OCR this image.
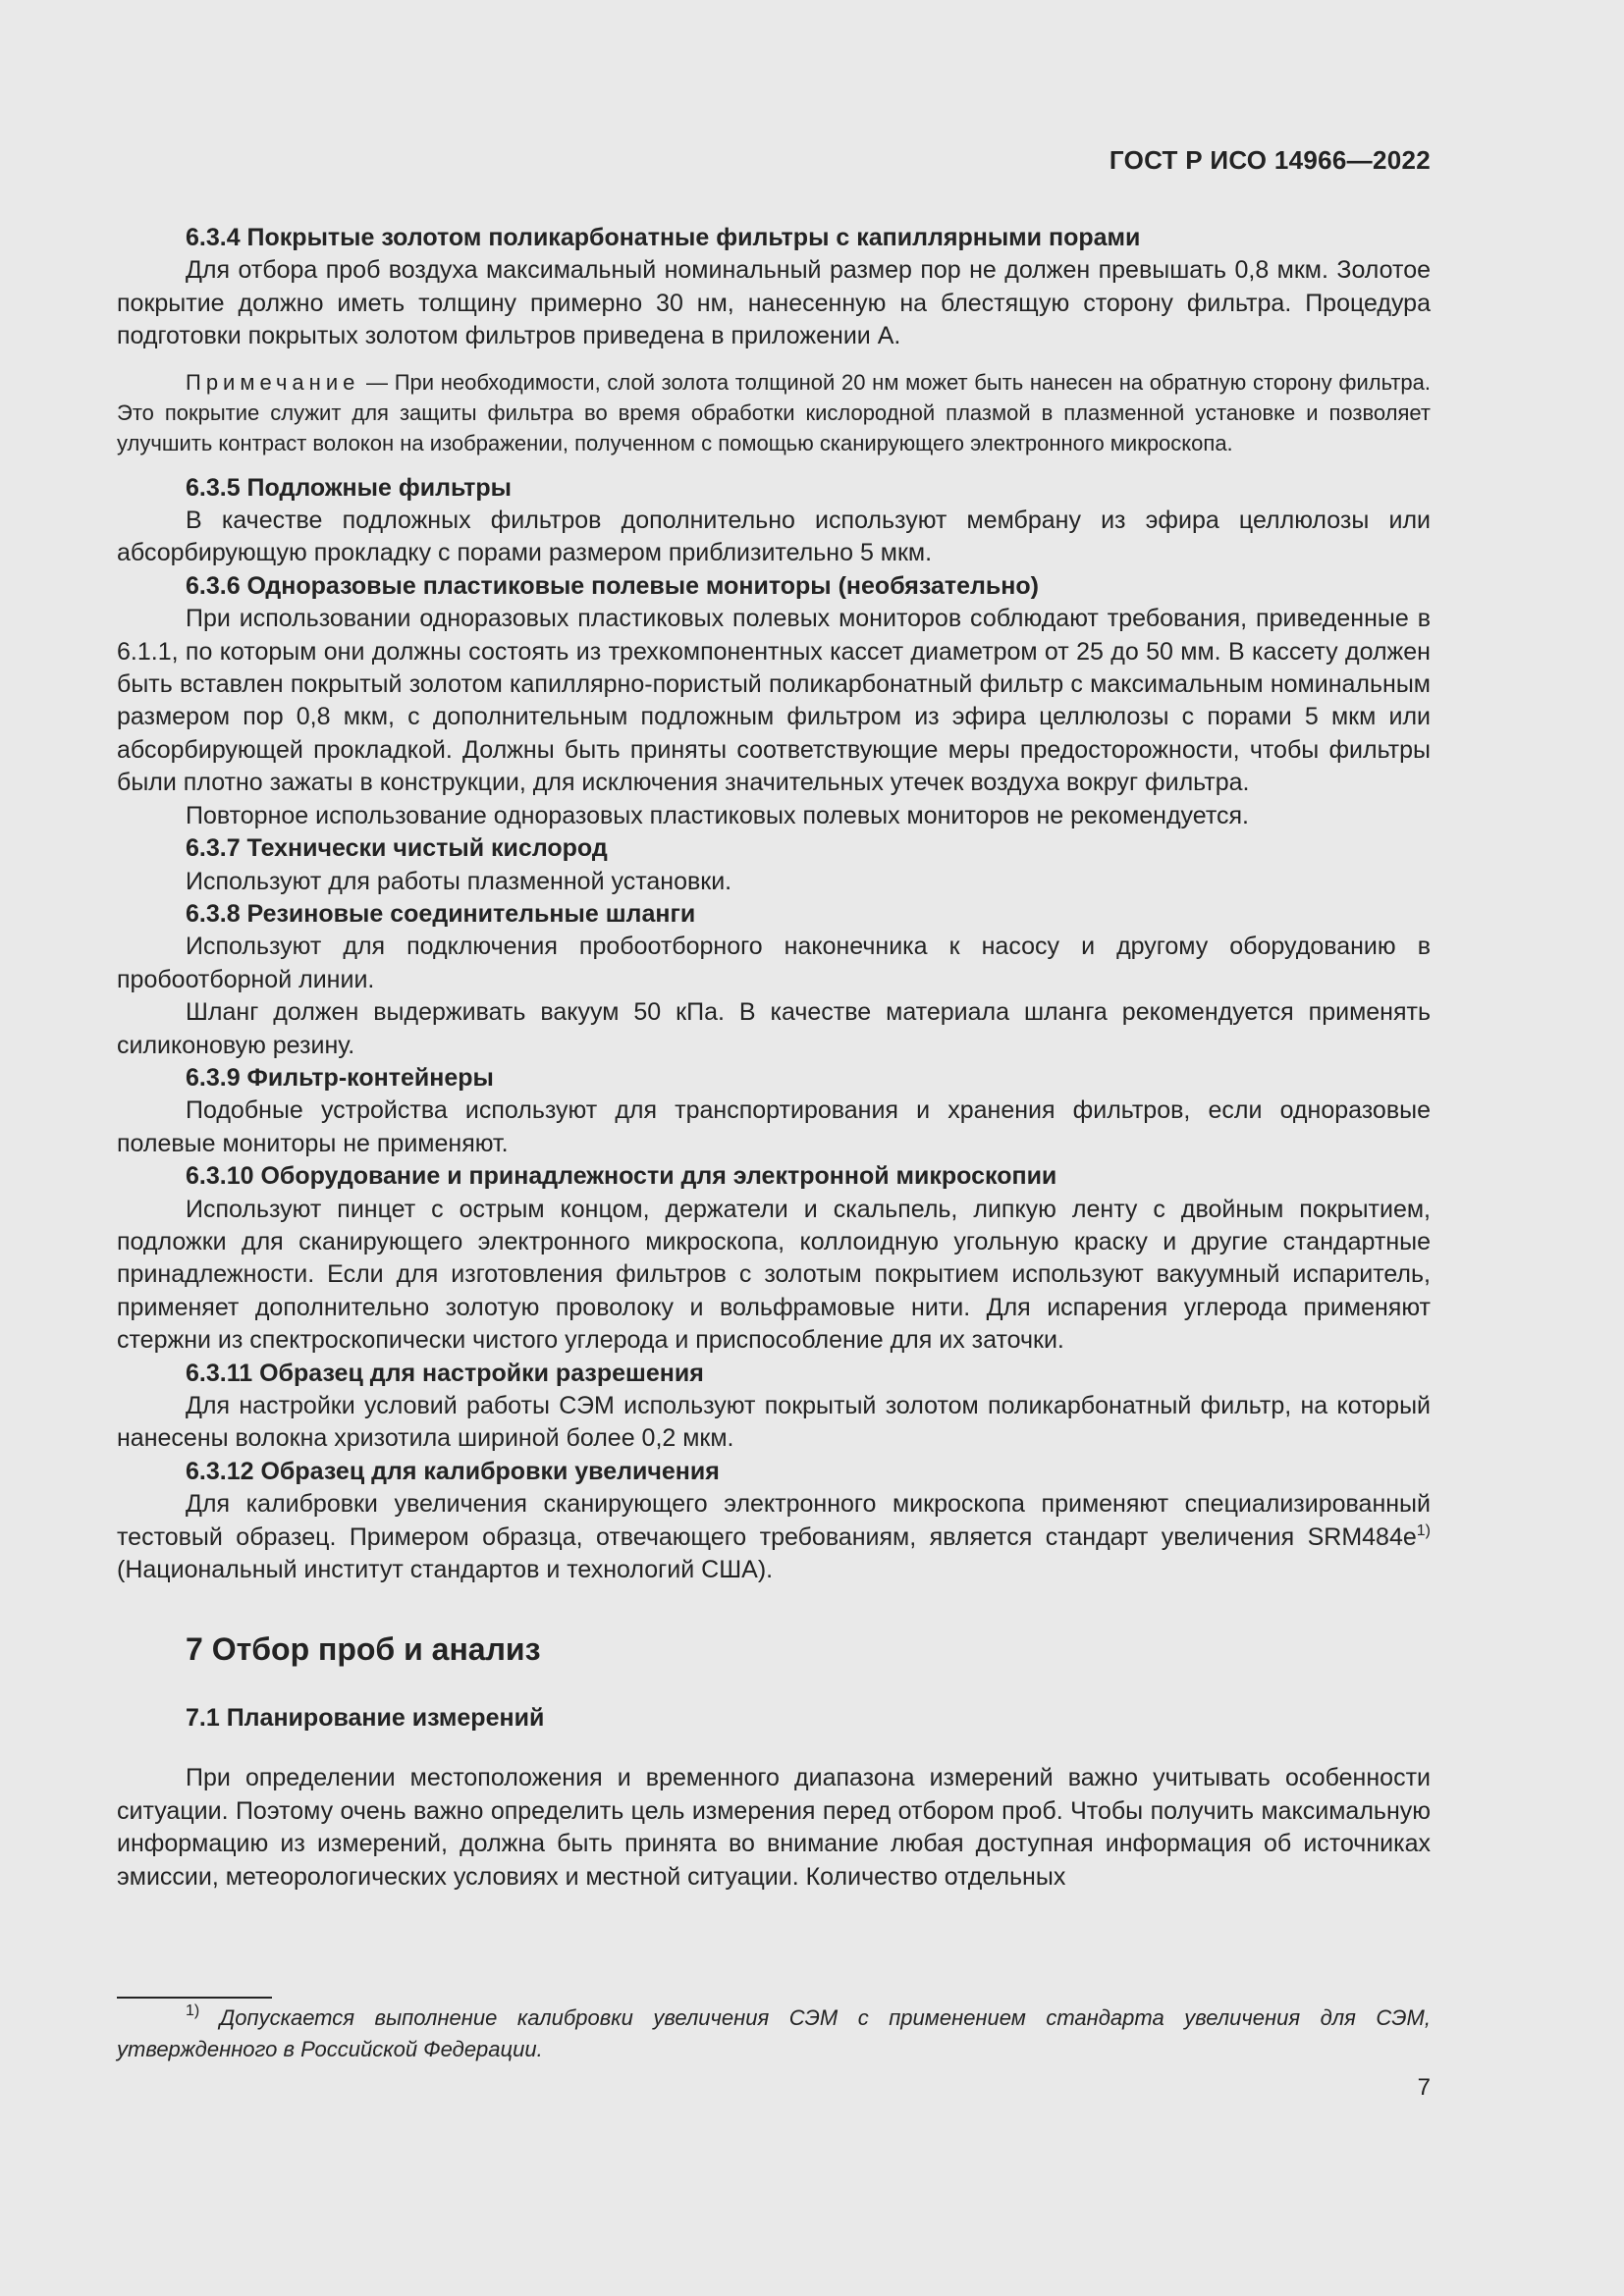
ГОСТ Р ИСО 14966—2022
6.3.4 Покрытые золотом поликарбонатные фильтры с капиллярными порами

Для отбора проб воздуха максимальный номинальный размер пор не должен превышать 0,8 мкм. Золотое покрытие должно иметь толщину примерно 30 нм, нанесенную на блестящую сторону фильтра. Процедура подготовки покрытых золотом фильтров приведена в приложении А.

Примечание — При необходимости, слой золота толщиной 20 нм может быть нанесен на обратную сторону фильтра. Это покрытие служит для защиты фильтра во время обработки кислородной плазмой в плазменной установке и позволяет улучшить контраст волокон на изображении, полученном с помощью сканирующего электронного микроскопа.
6.3.5 Подложные фильтры

В качестве подложных фильтров дополнительно используют мембрану из эфира целлюлозы или абсорбирующую прокладку с порами размером приблизительно 5 мкм.

6.3.6 Одноразовые пластиковые полевые мониторы (необязательно)

При использовании одноразовых пластиковых полевых мониторов соблюдают требования, приведенные в 6.1.1, по которым они должны состоять из трехкомпонентных кассет диаметром от 25 до 50 мм. В кассету должен быть вставлен покрытый золотом капиллярно-пористый поликарбонатный фильтр с максимальным номинальным размером пор 0,8 мкм, с дополнительным подложным фильтром из эфира целлюлозы с порами 5 мкм или абсорбирующей прокладкой. Должны быть приняты соответствующие меры предосторожности, чтобы фильтры были плотно зажаты в конструкции, для исключения значительных утечек воздуха вокруг фильтра.

Повторное использование одноразовых пластиковых полевых мониторов не рекомендуется.

6.3.7 Технически чистый кислород

Используют для работы плазменной установки.

6.3.8 Резиновые соединительные шланги

Используют для подключения пробоотборного наконечника к насосу и другому оборудованию в пробоотборной линии.

Шланг должен выдерживать вакуум 50 кПа. В качестве материала шланга рекомендуется применять силиконовую резину.

6.3.9 Фильтр-контейнеры

Подобные устройства используют для транспортирования и хранения фильтров, если одноразовые полевые мониторы не применяют.

6.3.10 Оборудование и принадлежности для электронной микроскопии

Используют пинцет с острым концом, держатели и скальпель, липкую ленту с двойным покрытием, подложки для сканирующего электронного микроскопа, коллоидную угольную краску и другие стандартные принадлежности. Если для изготовления фильтров с золотым покрытием используют вакуумный испаритель, применяет дополнительно золотую проволоку и вольфрамовые нити. Для испарения углерода применяют стержни из спектроскопически чистого углерода и приспособление для их заточки.

6.3.11 Образец для настройки разрешения

Для настройки условий работы СЭМ используют покрытый золотом поликарбонатный фильтр, на который нанесены волокна хризотила шириной более 0,2 мкм.

6.3.12 Образец для калибровки увеличения

Для калибровки увеличения сканирующего электронного микроскопа применяют специализированный тестовый образец. Примером образца, отвечающего требованиям, является стандарт увеличения $SRM484e^{1)}$ (Национальный институт стандартов и технологий США).

7 Отбор проб и анализ
7.1 Планирование измерений

При определении местоположения и временного диапазона измерений важно учитывать особенности ситуации. Поэтому очень важно определить цель измерения перед отбором проб. Чтобы получить максимальную информацию из измерений, должна быть принята во внимание любая доступная информация об источниках эмиссии, метеорологических условиях и местной ситуации. Количество отдельных

$^{1)}$ Допускается выполнение калибровки увеличения СЭМ с применением стандарта увеличения для СЭМ, утвержденного в Российской Федерации.
7
